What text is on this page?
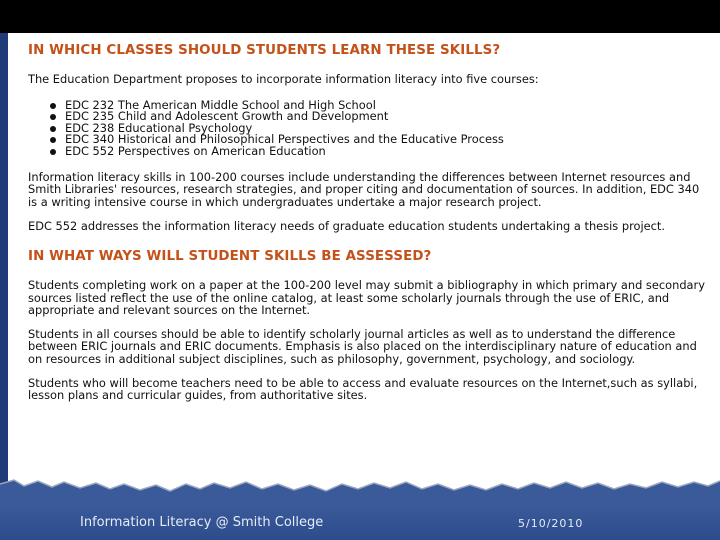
IN WHICH CLASSES SHOULD STUDENTS LEARN THESE SKILLS?

The Education Department proposes to incorporate information literacy into five courses:

EDC 232 The American Middle School and High School
EDC 235 Child and Adolescent Growth and Development
EDC 238 Educational Psychology
EDC 340 Historical and Philosophical Perspectives and the Educative Process
EDC 552 Perspectives on American Education

Information literacy skills in 100-200 courses include understanding the differences between Internet resources and Smith Libraries' resources, research strategies, and proper citing and documentation of sources. In addition, EDC 340 is a writing intensive course in which undergraduates undertake a major research project.

EDC 552 addresses the information literacy needs of graduate education students undertaking a thesis project.

IN WHAT WAYS WILL STUDENT SKILLS BE ASSESSED?

Students completing work on a paper at the 100-200 level may submit a bibliography in which primary and secondary sources listed reflect the use of the online catalog, at least some scholarly journals through the use of ERIC, and appropriate and relevant sources on the Internet.

Students in all courses should be able to identify scholarly journal articles as well as to understand the difference between ERIC journals and ERIC documents. Emphasis is also placed on the interdisciplinary nature of education and on resources in additional subject disciplines, such as philosophy, government, psychology, and sociology.

Students who will become teachers need to be able to access and evaluate resources on the Internet,such as syllabi, lesson plans and curricular guides, from authoritative sites.

Information Literacy @ Smith College	5/10/2010
